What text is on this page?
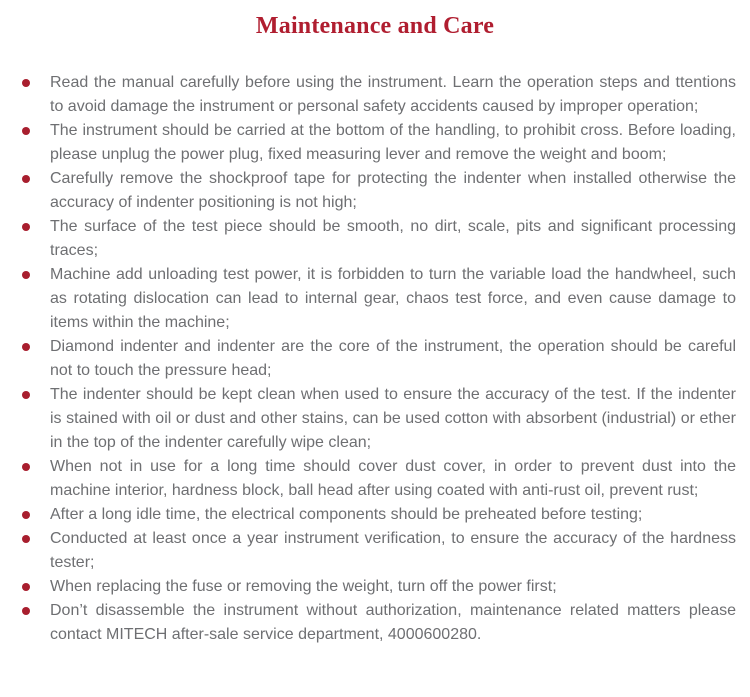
Maintenance and Care
Read the manual carefully before using the instrument. Learn the operation steps and ttentions to avoid damage the instrument or personal safety accidents caused by improper operation;
The instrument should be carried at the bottom of the handling, to prohibit cross. Before loading, please unplug the power plug, fixed measuring lever and remove the weight and boom;
Carefully remove the shockproof tape for protecting the indenter when installed otherwise the accuracy of indenter positioning is not high;
The surface of the test piece should be smooth, no dirt, scale, pits and significant processing traces;
Machine add unloading test power, it is forbidden to turn the variable load the handwheel, such as rotating dislocation can lead to internal gear, chaos test force, and even cause damage to items within the machine;
Diamond indenter and indenter are the core of the instrument, the operation should be careful not to touch the pressure head;
The indenter should be kept clean when used to ensure the accuracy of the test. If the indenter is stained with oil or dust and other stains, can be used cotton with absorbent (industrial) or ether in the top of the indenter carefully wipe clean;
When not in use for a long time should cover dust cover, in order to prevent dust into the machine interior, hardness block, ball head after using coated with anti-rust oil, prevent rust;
After a long idle time, the electrical components should be preheated before testing;
Conducted at least once a year instrument verification, to ensure the accuracy of the hardness tester;
When replacing the fuse or removing the weight, turn off the power first;
Don’t disassemble the instrument without authorization, maintenance related matters please contact MITECH after-sale service department, 4000600280.
